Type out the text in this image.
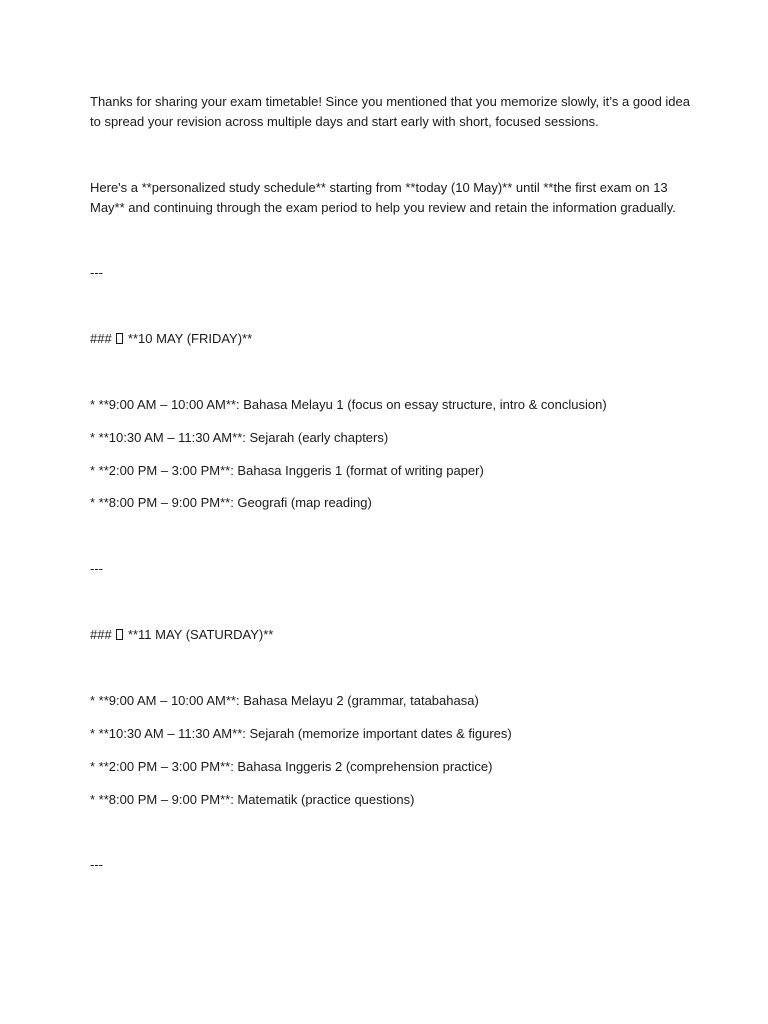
Thanks for sharing your exam timetable! Since you mentioned that you memorize slowly, it’s a good idea
to spread your revision across multiple days and start early with short, focused sessions.
Here's a **personalized study schedule** starting from **today (10 May)** until **the first exam on 13
May** and continuing through the exam period to help you review and retain the information gradually.
---
###  **10 MAY (FRIDAY)**
* **9:00 AM – 10:00 AM**: Bahasa Melayu 1 (focus on essay structure, intro & conclusion)
* **10:30 AM – 11:30 AM**: Sejarah (early chapters)
* **2:00 PM – 3:00 PM**: Bahasa Inggeris 1 (format of writing paper)
* **8:00 PM – 9:00 PM**: Geografi (map reading)
---
###  **11 MAY (SATURDAY)**
* **9:00 AM – 10:00 AM**: Bahasa Melayu 2 (grammar, tatabahasa)
* **10:30 AM – 11:30 AM**: Sejarah (memorize important dates & figures)
* **2:00 PM – 3:00 PM**: Bahasa Inggeris 2 (comprehension practice)
* **8:00 PM – 9:00 PM**: Matematik (practice questions)
---
